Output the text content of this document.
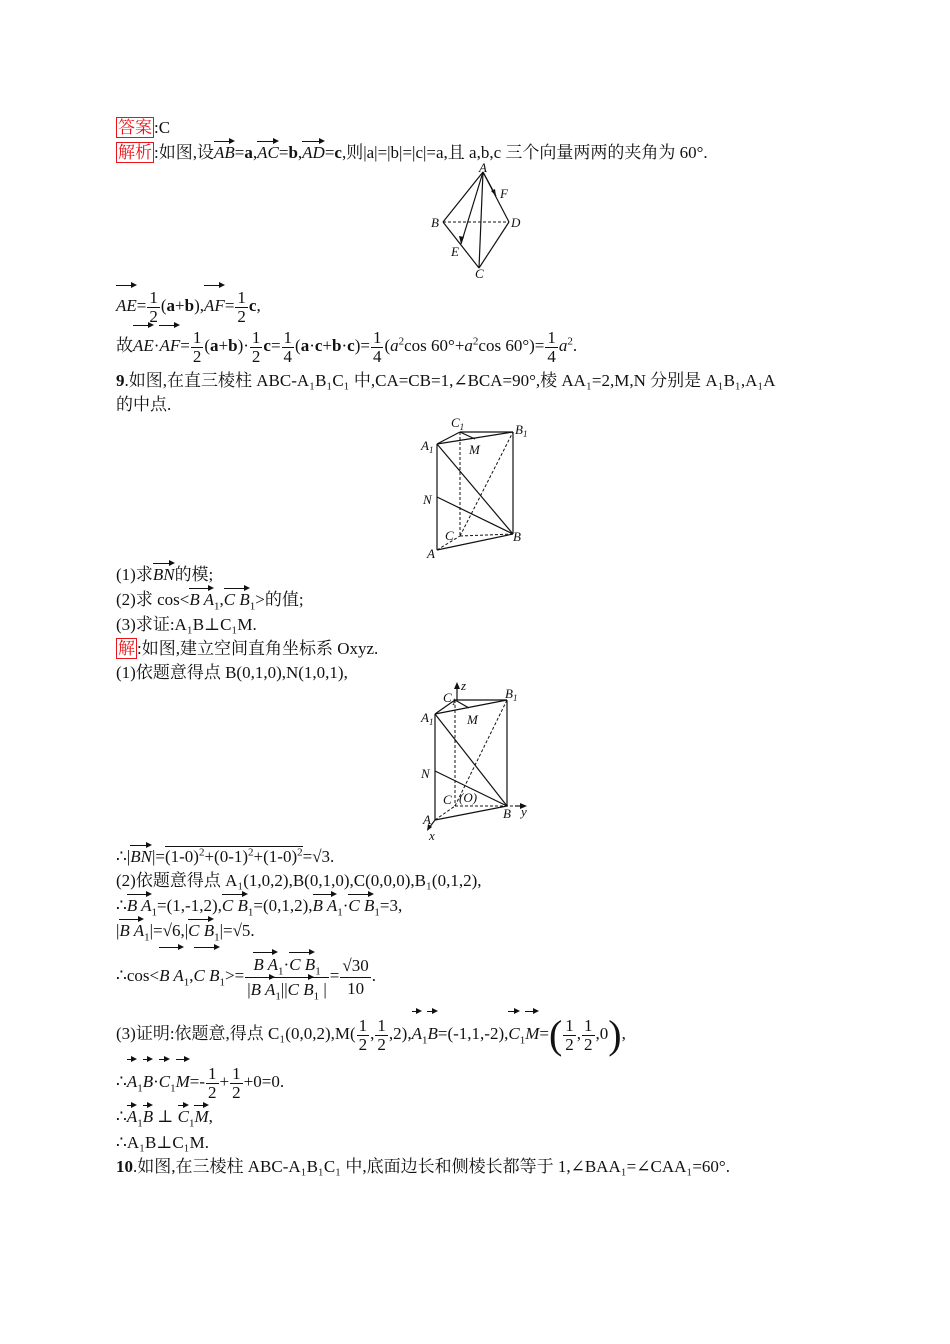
答案 :C
解析 :如图,设AB=a,AC=b,AD=c,则|a|=|b|=|c|=a,且 a,b,c 三个向量两两的夹角为 60°.
A
B	D
C
E
F
$AE= \frac{1}{2} (a+b),AF= \frac{1}{2} c$,
故$AE\cdot AF= \frac{1}{2} (a+b)\cdot \frac{1}{2} c= \frac{1}{4} (a\cdot c+b\cdot c)= \frac{1}{4} (a^2\cos$ $60^\circ+a^2\cos$ $60^\circ)= \frac{1}{4} a^2$.
9.如图,在直三棱柱 ABC-A₁B₁C₁ 中,CA=CB=1,∠BCA=90°,棱 AA₁=2,M,N 分别是 A₁B₁,A₁A
的中点.
$C_1$	$B_1$
$A_1$	M
N
C	B
A
(1)求BN的模;
(2)求 cos<B $A_1,C$ $B_1>$的值;
(3)求证:A₁B⊥C₁M.
解 :如图,建立空间直角坐标系 Oxyz.
(1)依题意得点 B(0,1,0),N(1,0,1),
z
$C_1$
$B_1$
$A_1$	M
N
C (O)
B y
A
x
$\therefore|BN|=(1-0)^2+(0-1)^2+(1-0)^2=√3$.
(2)依题意得点 A₁(1,0,2),B(0,1,0),C(0,0,0),B₁(0,1,2),
∴B $A_1=(1,-1,2),C$ $B_1=(0,1,2),B$ $A_1\cdot C$ $B_1=3$,
|B $A_1|=√6,|C$ $B_1|=√5$.
∴cos<B $A_1,C$ $B_1>= \frac{B A_1\cdot C B_1}{|B A_1||C B_1 |} = \frac{√30}{10}$ .
(3)证明:依题意,得点 $C_1(0,0,2),M( \frac{1}{2}$ , $\frac{1}{2} ,2),A_1B=(-1,1,-2),C_1M=( \frac{1}{2}$ , $\frac{1}{2} ,0$),
$\therefore A_1B\cdot C_1M=- \frac{1}{2} + \frac{1}{2} +0=0$.
$\therefore A_1B$ ⊥ $C_1M$,
∴A₁B⊥C₁M.
10.如图,在三棱柱 ABC-A₁B₁C₁ 中,底面边长和侧棱长都等于 1,∠BAA₁=∠CAA₁=60°.
